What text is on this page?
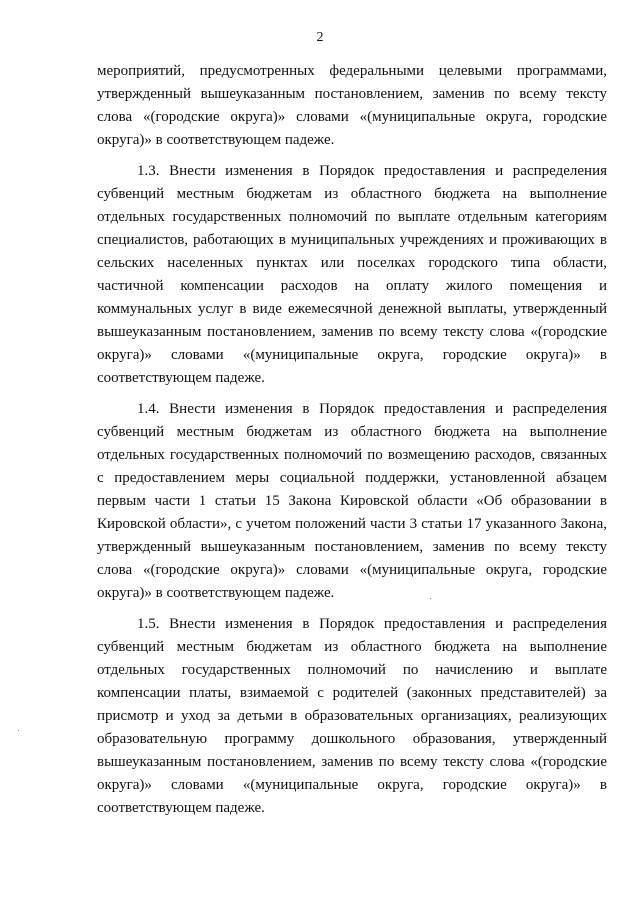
2

мероприятий, предусмотренных федеральными целевыми программами, утвержденный вышеуказанным постановлением, заменив по всему тексту слова «(городские округа)» словами «(муниципальные округа, городские округа)» в соответствующем падеже.

1.3. Внести изменения в Порядок предоставления и распределения субвенций местным бюджетам из областного бюджета на выполнение отдельных государственных полномочий по выплате отдельным категориям специалистов, работающих в муниципальных учреждениях и проживающих в сельских населенных пунктах или поселках городского типа области, частичной компенсации расходов на оплату жилого помещения и коммунальных услуг в виде ежемесячной денежной выплаты, утвержденный вышеуказанным постановлением, заменив по всему тексту слова «(городские округа)» словами «(муниципальные округа, городские округа)» в соответствующем падеже.

1.4. Внести изменения в Порядок предоставления и распределения субвенций местным бюджетам из областного бюджета на выполнение отдельных государственных полномочий по возмещению расходов, связанных с предоставлением меры социальной поддержки, установленной абзацем первым части 1 статьи 15 Закона Кировской области «Об образовании в Кировской области», с учетом положений части 3 статьи 17 указанного Закона, утвержденный вышеуказанным постановлением, заменив по всему тексту слова «(городские округа)» словами «(муниципальные округа, городские округа)» в соответствующем падеже.

1.5. Внести изменения в Порядок предоставления и распределения субвенций местным бюджетам из областного бюджета на выполнение отдельных государственных полномочий по начислению и выплате компенсации платы, взимаемой с родителей (законных представителей) за присмотр и уход за детьми в образовательных организациях, реализующих образовательную программу дошкольного образования, утвержденный вышеуказанным постановлением, заменив по всему тексту слова «(городские округа)» словами «(муниципальные округа, городские округа)» в соответствующем падеже.
